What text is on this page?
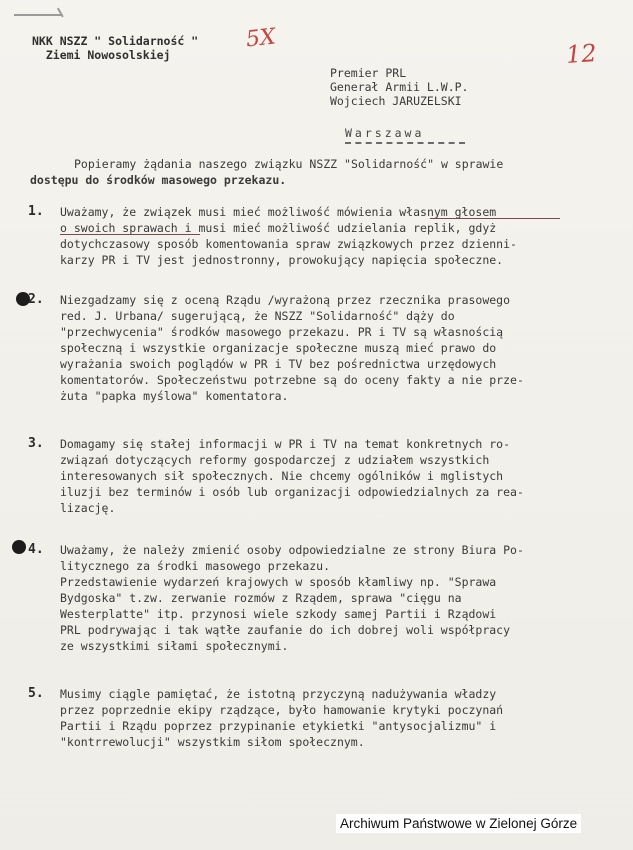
NKK NSZZ " Solidarność "
Ziemi Nowosolskiej
5X
12
Premier PRL
Generał Armii L.W.P.
Wojciech JARUZELSKI
Warszawa
Popieramy żądania naszego związku NSZZ "Solidarność" w sprawie
dostępu do środków masowego przekazu.
1. Uważamy, że związek musi mieć możliwość mówienia własnym głosem
o swoich sprawach i musi mieć możliwość udzielania replik, gdyż
dotychczasowy sposób komentowania spraw związkowych przez dzienni-
karzy PR i TV jest jednostronny, prowokujący napięcia społeczne.
2. Niezgadzamy się z oceną Rządu /wyrażoną przez rzecznika prasowego
red. J. Urbana/ sugerującą, że NSZZ "Solidarność" dąży do
"przechwycenia" środków masowego przekazu. PR i TV są własnością
społeczną i wszystkie organizacje społeczne muszą mieć prawo do
wyrażania swoich poglądów w PR i TV bez pośrednictwa urzędowych
komentatorów. Społeczeństwu potrzebne są do oceny fakty a nie prze-
żuta "papka myślowa" komentatora.
3. Domagamy się stałej informacji w PR i TV na temat konkretnych ro-
związań dotyczących reformy gospodarczej z udziałem wszystkich
interesowanych sił społecznych. Nie chcemy ogólników i mglistych
iluzji bez terminów i osób lub organizacji odpowiedzialnych za rea-
lizację.
4. Uważamy, że należy zmienić osoby odpowiedzialne ze strony Biura Po-
litycznego za środki masowego przekazu.
Przedstawienie wydarzeń krajowych w sposób kłamliwy np. "Sprawa
Bydgoska" t.zw. zerwanie rozmów z Rządem, sprawa "cięgu na
Westerplatte" itp. przynosi wiele szkody samej Partii i Rządowi
PRL podrywając i tak wątłe zaufanie do ich dobrej woli współpracy
ze wszystkimi siłami społecznymi.
5. Musimy ciągle pamiętać, że istotną przyczyną nadużywania władzy
przez poprzednie ekipy rządzące, było hamowanie krytyki poczynań
Partii i Rządu poprzez przypinanie etykietki "antysocjalizmu" i
"kontrrewolucji" wszystkim siłom społecznym.
Archiwum Państwowe w Zielonej Górze
